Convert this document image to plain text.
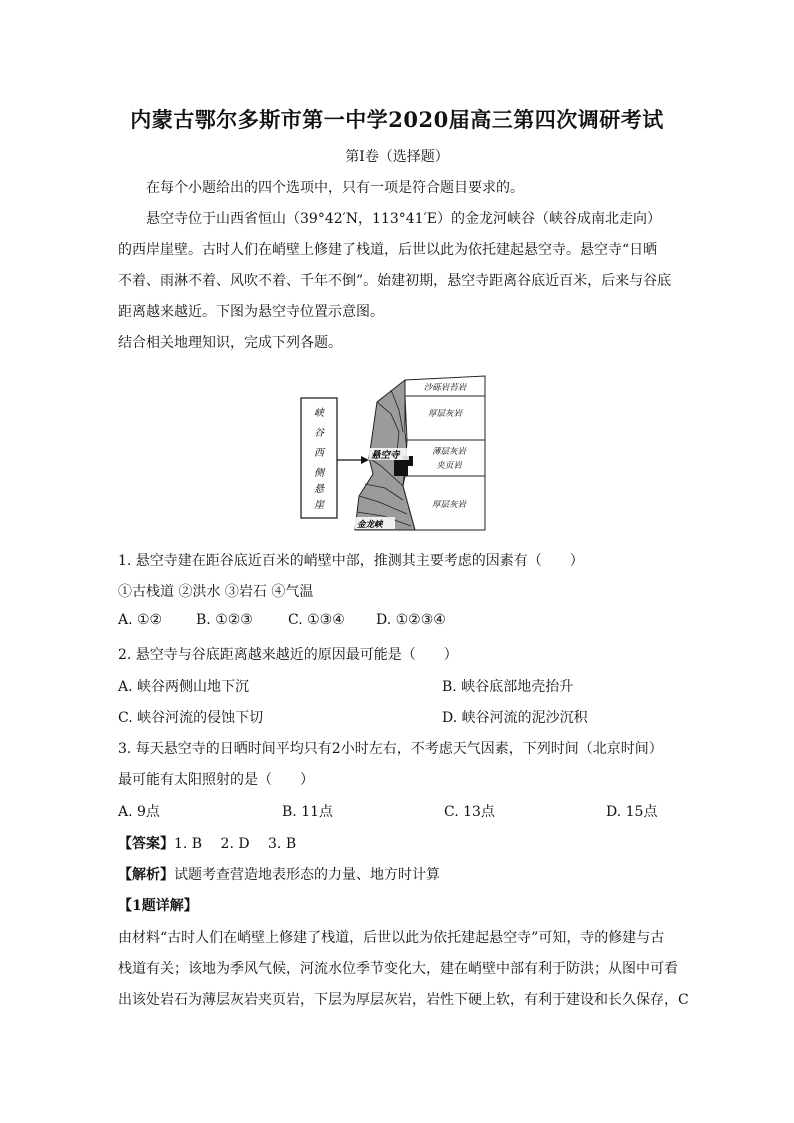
内蒙古鄂尔多斯市第一中学2020届高三第四次调研考试
第Ⅰ卷（选择题）
在每个小题给出的四个选项中，只有一项是符合题目要求的。
悬空寺位于山西省恒山（39°42′N，113°41′E）的金龙河峡谷（峡谷成南北走向）
的西岸崖壁。古时人们在峭壁上修建了栈道，后世以此为依托建起悬空寺。悬空寺“日晒
不着、雨淋不着、风吹不着、千年不倒”。始建初期，悬空寺距离谷底近百米，后来与谷底
距离越来越近。下图为悬空寺位置示意图。
结合相关地理知识，完成下列各题。
峡
谷
西
侧
悬
崖
沙砾岩苔岩
厚层灰岩
薄层灰岩
夹页岩
厚层灰岩
悬空寺
金龙峡
1. 悬空寺建在距谷底近百米的峭壁中部，推测其主要考虑的因素有（　　）
①古栈道 ②洪水 ③岩石 ④气温
A. ①② B. ①②③	C. ①③④ D. ①②③④
2. 悬空寺与谷底距离越来越近的原因最可能是（　　）
A. 峡谷两侧山地下沉	B. 峡谷底部地壳抬升
C. 峡谷河流的侵蚀下切	D. 峡谷河流的泥沙沉积
3. 每天悬空寺的日晒时间平均只有2小时左右，不考虑天气因素，下列时间（北京时间）
最可能有太阳照射的是（　　）
A. 9点	B. 11点	C. 13点	D. 15点
【答案】1. B　 2. D　 3. B
【解析】试题考查营造地表形态的力量、地方时计算
【1题详解】
由材料“古时人们在峭壁上修建了栈道，后世以此为依托建起悬空寺”可知，寺的修建与古
栈道有关；该地为季风气候，河流水位季节变化大，建在峭壁中部有利于防洪；从图中可看
出该处岩石为薄层灰岩夹页岩，下层为厚层灰岩，岩性下硬上软，有利于建设和长久保存，C
